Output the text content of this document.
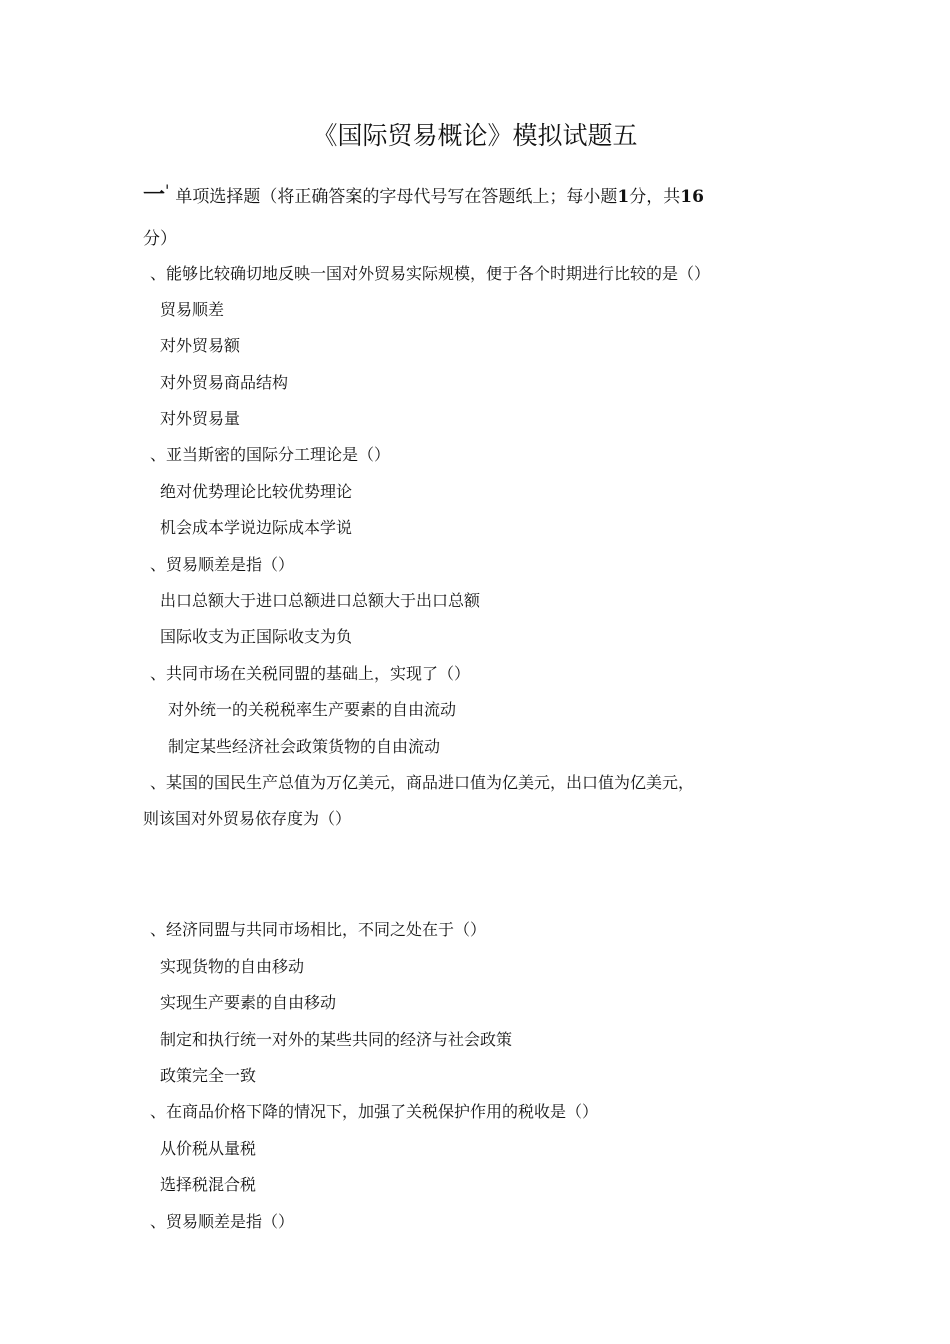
《国际贸易概论》模拟试题五
一' 单项选择题（将正确答案的字母代号写在答题纸上；每小题1分，共16
分）
、能够比较确切地反映一国对外贸易实际规模，便于各个时期进行比较的是（）
贸易顺差
对外贸易额
对外贸易商品结构
对外贸易量
、亚当斯密的国际分工理论是（）
绝对优势理论比较优势理论
机会成本学说边际成本学说
、贸易顺差是指（）
出口总额大于进口总额进口总额大于出口总额
国际收支为正国际收支为负
、共同市场在关税同盟的基础上，实现了（）
对外统一的关税税率生产要素的自由流动
制定某些经济社会政策货物的自由流动
、某国的国民生产总值为万亿美元，商品进口值为亿美元，出口值为亿美元，
则该国对外贸易依存度为（）
、经济同盟与共同市场相比，不同之处在于（）
实现货物的自由移动
实现生产要素的自由移动
制定和执行统一对外的某些共同的经济与社会政策
政策完全一致
、在商品价格下降的情况下，加强了关税保护作用的税收是（）
从价税从量税
选择税混合税
、贸易顺差是指（）
